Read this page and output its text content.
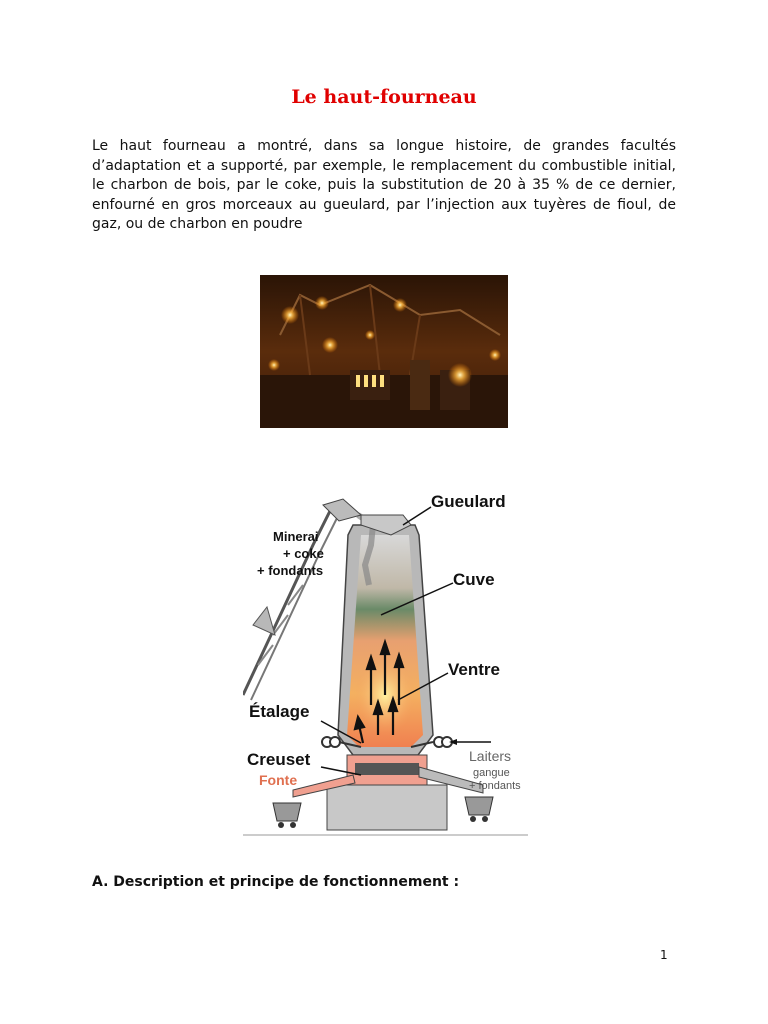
Le haut-fourneau
Le haut fourneau a montré, dans sa longue histoire, de grandes facultés d’adaptation et a supporté, par exemple, le remplacement du combustible initial, le charbon de bois, par le coke, puis la substitution de 20 à 35 % de ce dernier, enfourné en gros morceaux au gueulard, par l’injection aux tuyères de fioul, de gaz, ou de charbon en poudre
Gueulard
Minerai
+ coke
+ fondants	Cuve
Ventre
Étalage
Creuset
Fonte
Laiters
gangue
+ fondants
A. Description et principe de fonctionnement :
1
